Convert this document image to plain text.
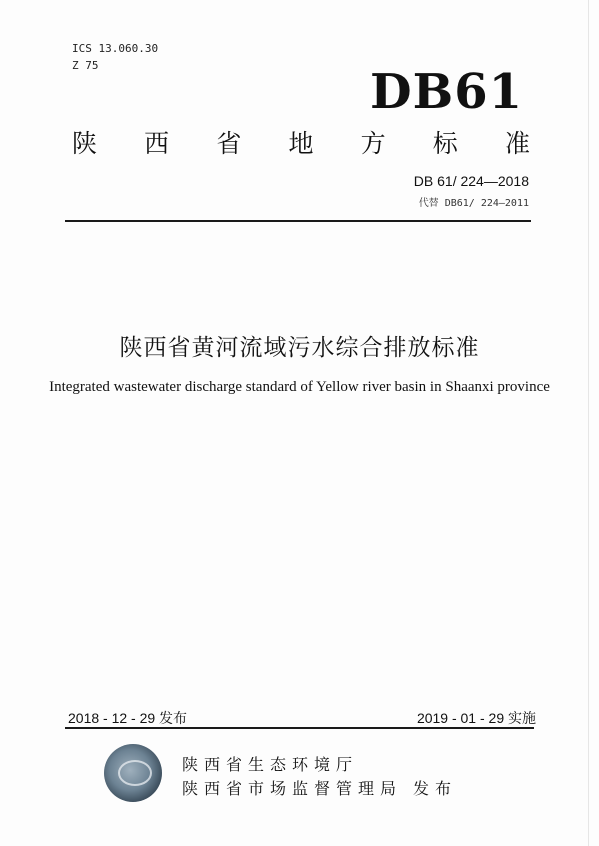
ICS 13.060.30
Z 75	DB61
陕 西 省 地 方 标 准
DB 61/ 224—2018
代替 DB61/ 224—2011
陕西省黄河流域污水综合排放标准
Integrated wastewater discharge standard of Yellow river basin in Shaanxi province
2018 - 12 - 29 发布	2019 - 01 - 29 实施
陕西省生态环境厅
陕西省市场监督管理局 发布
